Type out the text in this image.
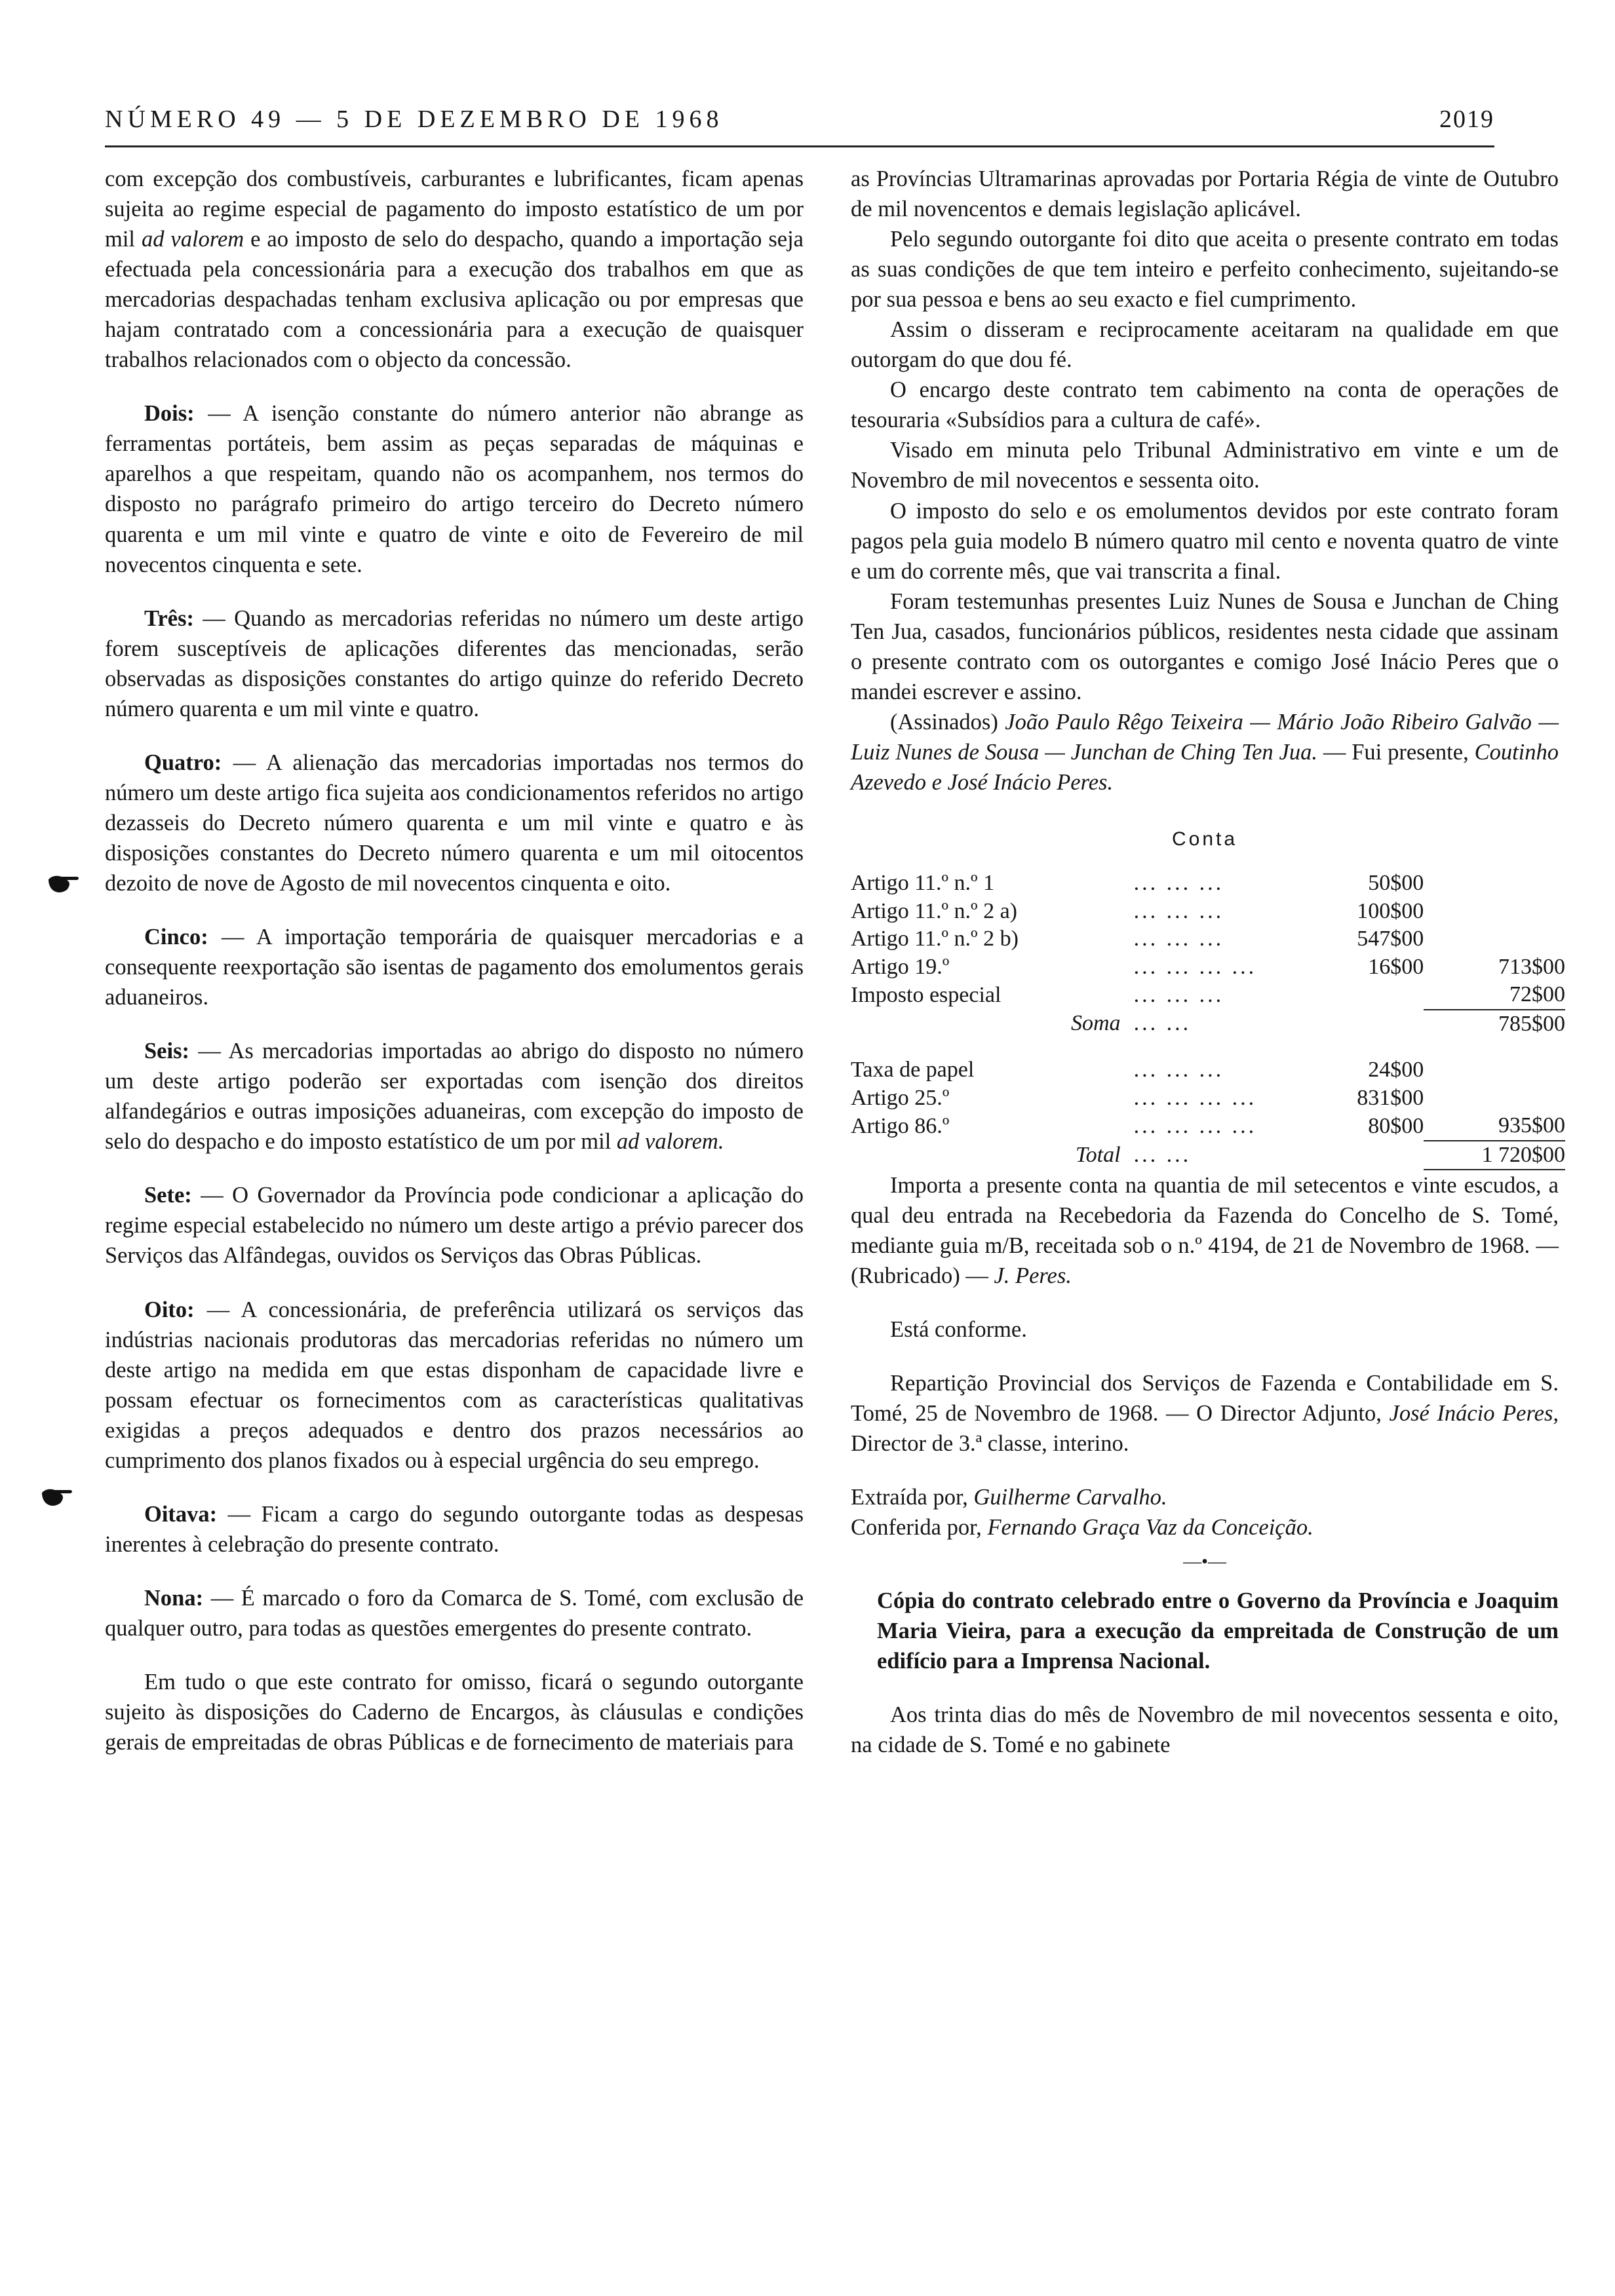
NÚMERO 49 — 5 DE DEZEMBRO DE 1968	2019

com excepção dos combustíveis, carburantes e lubrificantes, ficam apenas sujeita ao regime especial de pagamento do imposto estatístico de um por mil ad valorem e ao imposto de selo do despacho, quando a importação seja efectuada pela concessionária para a execução dos trabalhos em que as mercadorias despachadas tenham exclusiva aplicação ou por empresas que hajam contratado com a concessionária para a execução de quaisquer trabalhos relacionados com o objecto da concessão.

Dois: — A isenção constante do número anterior não abrange as ferramentas portáteis, bem assim as peças separadas de máquinas e aparelhos a que respeitam, quando não os acompanhem, nos termos do disposto no parágrafo primeiro do artigo terceiro do Decreto número quarenta e um mil vinte e quatro de vinte e oito de Fevereiro de mil novecentos cinquenta e sete.

Três: — Quando as mercadorias referidas no número um deste artigo forem susceptíveis de aplicações diferentes das mencionadas, serão observadas as disposições constantes do artigo quinze do referido Decreto número quarenta e um mil vinte e quatro.

Quatro: — A alienação das mercadorias importadas nos termos do número um deste artigo fica sujeita aos condicionamentos referidos no artigo dezasseis do Decreto número quarenta e um mil vinte e quatro e às disposições constantes do Decreto número quarenta e um mil oitocentos dezoito de nove de Agosto de mil novecentos cinquenta e oito.

Cinco: — A importação temporária de quaisquer mercadorias e a consequente reexportação são isentas de pagamento dos emolumentos gerais aduaneiros.

Seis: — As mercadorias importadas ao abrigo do disposto no número um deste artigo poderão ser exportadas com isenção dos direitos alfandegários e outras imposições aduaneiras, com excepção do imposto de selo do despacho e do imposto estatístico de um por mil ad valorem.

Sete: — O Governador da Província pode condicionar a aplicação do regime especial estabelecido no número um deste artigo a prévio parecer dos Serviços das Alfândegas, ouvidos os Serviços das Obras Públicas.

Oito: — A concessionária, de preferência utilizará os serviços das indústrias nacionais produtoras das mercadorias referidas no número um deste artigo na medida em que estas disponham de capacidade livre e possam efectuar os fornecimentos com as características qualitativas exigidas a preços adequados e dentro dos prazos necessários ao cumprimento dos planos fixados ou à especial urgência do seu emprego.

Oitava: — Ficam a cargo do segundo outorgante todas as despesas inerentes à celebração do presente contrato.

Nona: — É marcado o foro da Comarca de S. Tomé, com exclusão de qualquer outro, para todas as questões emergentes do presente contrato.

Em tudo o que este contrato for omisso, ficará o segundo outorgante sujeito às disposições do Caderno de Encargos, às cláusulas e condições gerais de empreitadas de obras Públicas e de fornecimento de materiais para

as Províncias Ultramarinas aprovadas por Portaria Régia de vinte de Outubro de mil novencentos e demais legislação aplicável.

Pelo segundo outorgante foi dito que aceita o presente contrato em todas as suas condições de que tem inteiro e perfeito conhecimento, sujeitando-se por sua pessoa e bens ao seu exacto e fiel cumprimento.

Assim o disseram e reciprocamente aceitaram na qualidade em que outorgam do que dou fé.

O encargo deste contrato tem cabimento na conta de operações de tesouraria «Subsídios para a cultura de café».

Visado em minuta pelo Tribunal Administrativo em vinte e um de Novembro de mil novecentos e sessenta oito.

O imposto do selo e os emolumentos devidos por este contrato foram pagos pela guia modelo B número quatro mil cento e noventa quatro de vinte e um do corrente mês, que vai transcrita a final.

Foram testemunhas presentes Luiz Nunes de Sousa e Junchan de Ching Ten Jua, casados, funcionários públicos, residentes nesta cidade que assinam o presente contrato com os outorgantes e comigo José Inácio Peres que o mandei escrever e assino.

(Assinados) João Paulo Rêgo Teixeira — Mário João Ribeiro Galvão — Luiz Nunes de Sousa — Junchan de Ching Ten Jua. — Fui presente, Coutinho Azevedo e José Inácio Peres.

Conta
Artigo 11.º n.º 1	... ... ...	50$00	
Artigo 11.º n.º 2 a)	... ... ...	100$00	
Artigo 11.º n.º 2 b)	... ... ...	547$00	
Artigo 19.º	... ... ... ...	16$00	713$00
Imposto especial	... ... ...		72$00
Soma	... ...		785$00
Taxa de papel	... ... ...	24$00	
Artigo 25.º	... ... ... ...	831$00	
Artigo 86.º	... ... ... ...	80$00	935$00
Total	... ...		1 720$00

Importa a presente conta na quantia de mil setecentos e vinte escudos, a qual deu entrada na Recebedoria da Fazenda do Concelho de S. Tomé, mediante guia m/B, receitada sob o n.º 4194, de 21 de Novembro de 1968. — (Rubricado) — J. Peres.

Está conforme.

Repartição Provincial dos Serviços de Fazenda e Contabilidade em S. Tomé, 25 de Novembro de 1968. — O Director Adjunto, José Inácio Peres, Director de 3.ª classe, interino.

Extraída por, Guilherme Carvalho.

Conferida por, Fernando Graça Vaz da Conceição.

—•—

Cópia do contrato celebrado entre o Governo da Província e Joaquim Maria Vieira, para a execução da empreitada de Construção de um edifício para a Imprensa Nacional.

Aos trinta dias do mês de Novembro de mil novecentos sessenta e oito, na cidade de S. Tomé e no gabinete
